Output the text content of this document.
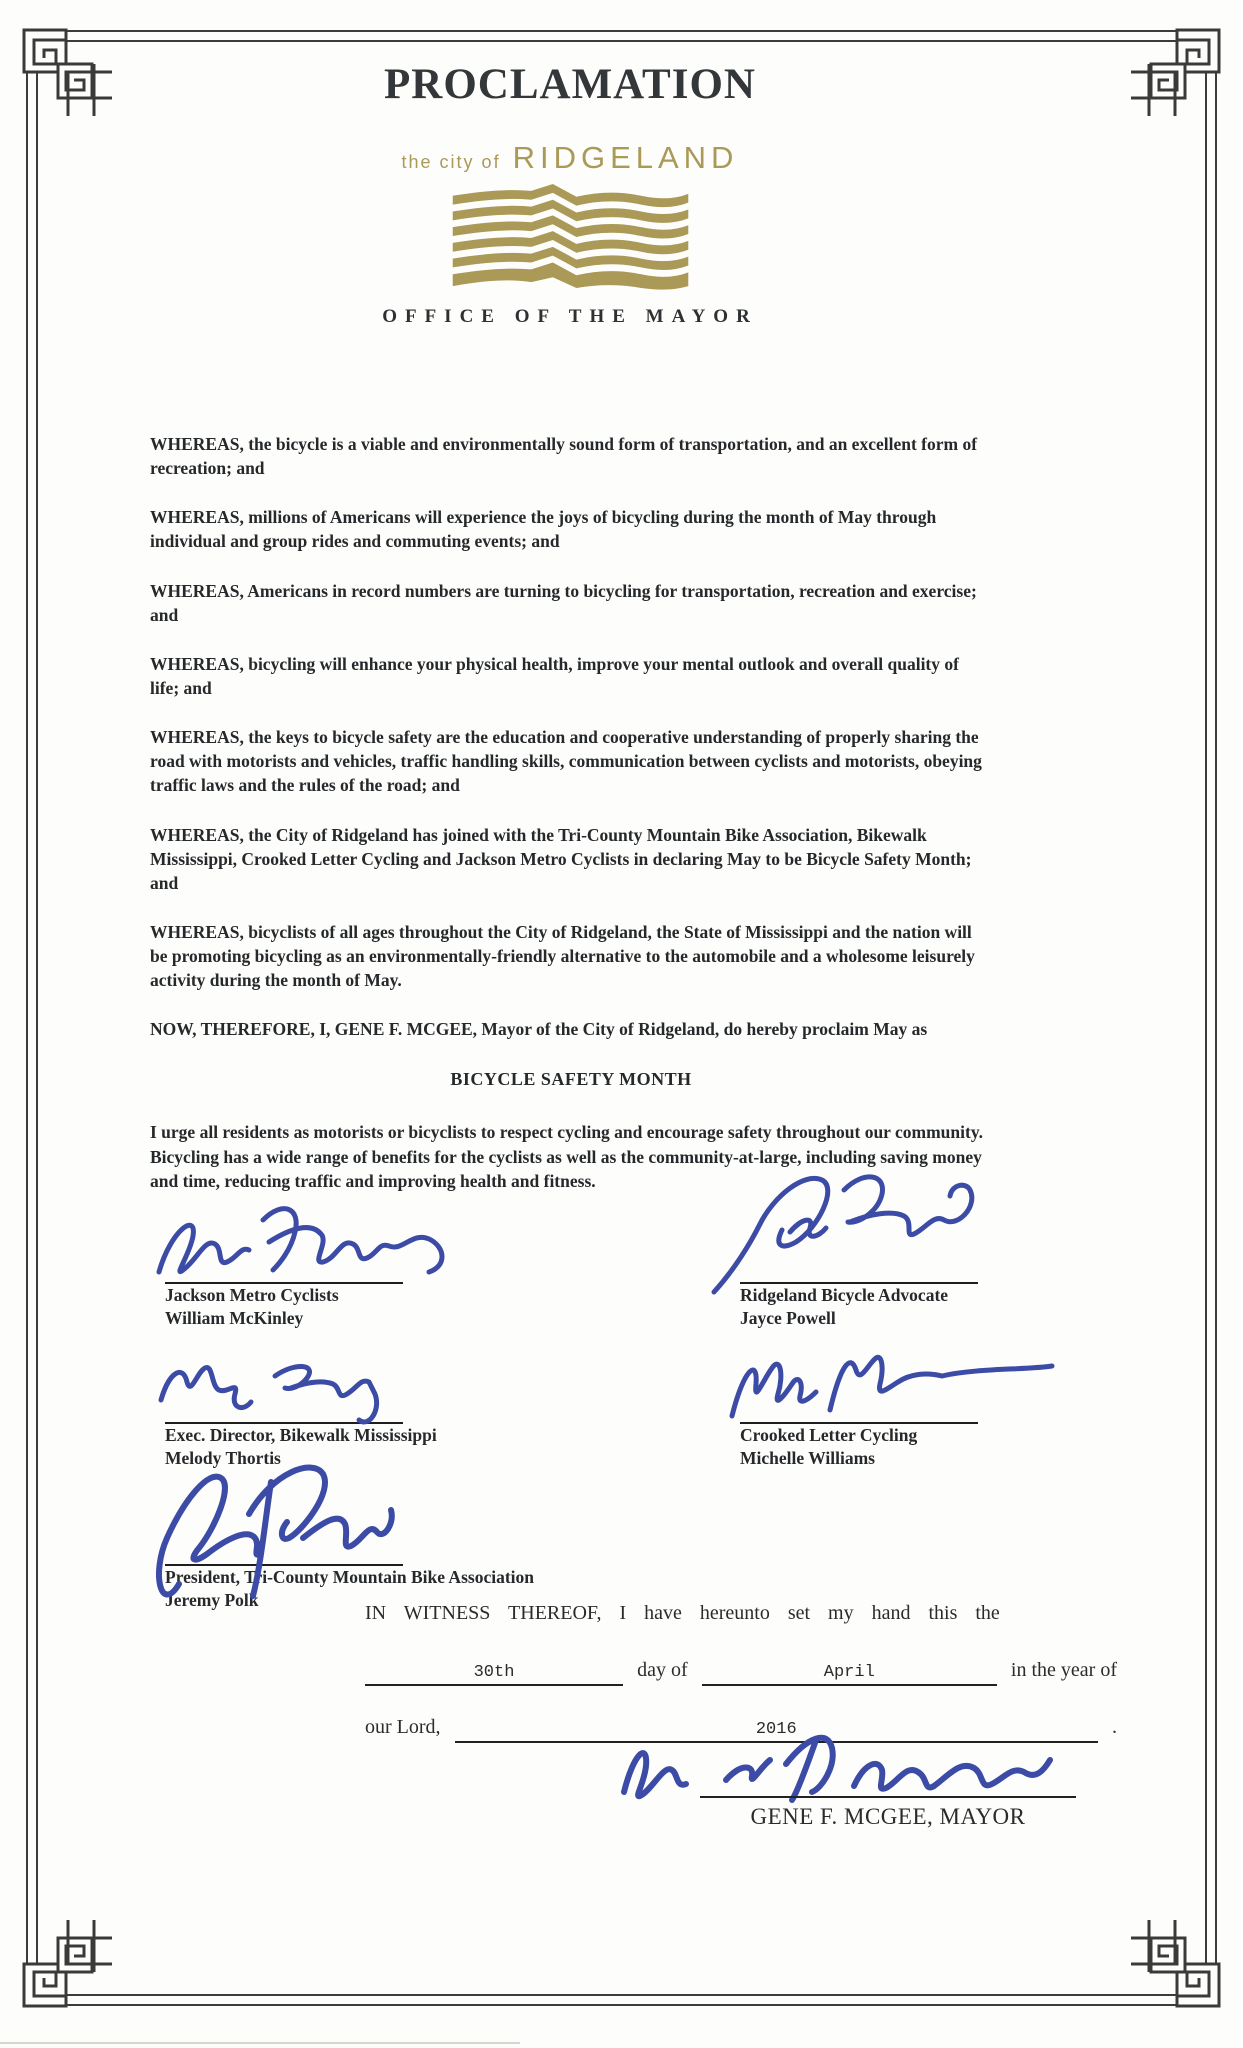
PROCLAMATION
the city of RIDGELAND
OFFICE OF THE MAYOR

WHEREAS, the bicycle is a viable and environmentally sound form of transportation, and an excellent form of recreation; and

WHEREAS, millions of Americans will experience the joys of bicycling during the month of May through individual and group rides and commuting events; and

WHEREAS, Americans in record numbers are turning to bicycling for transportation, recreation and exercise; and

WHEREAS, bicycling will enhance your physical health, improve your mental outlook and overall quality of life; and

WHEREAS, the keys to bicycle safety are the education and cooperative understanding of properly sharing the road with motorists and vehicles, traffic handling skills, communication between cyclists and motorists, obeying traffic laws and the rules of the road; and

WHEREAS, the City of Ridgeland has joined with the Tri-County Mountain Bike Association, Bikewalk Mississippi, Crooked Letter Cycling and Jackson Metro Cyclists in declaring May to be Bicycle Safety Month; and

WHEREAS, bicyclists of all ages throughout the City of Ridgeland, the State of Mississippi and the nation will be promoting bicycling as an environmentally-friendly alternative to the automobile and a wholesome leisurely activity during the month of May.

NOW, THEREFORE, I, GENE F. MCGEE, Mayor of the City of Ridgeland, do hereby proclaim May as

BICYCLE SAFETY MONTH

I urge all residents as motorists or bicyclists to respect cycling and encourage safety throughout our community. Bicycling has a wide range of benefits for the cyclists as well as the community-at-large, including saving money and time, reducing traffic and improving health and fitness.

Jackson Metro Cyclists
William McKinley
Ridgeland Bicycle Advocate
Jayce Powell
Exec. Director, Bikewalk Mississippi
Melody Thortis
Crooked Letter Cycling
Michelle Williams
President, Tri-County Mountain Bike Association
Jeremy Polk
IN WITNESS THEREOF, I have hereunto set my hand this the
30th	day of	April	in the year of
our Lord,	2016	.
GENE F. MCGEE, MAYOR
